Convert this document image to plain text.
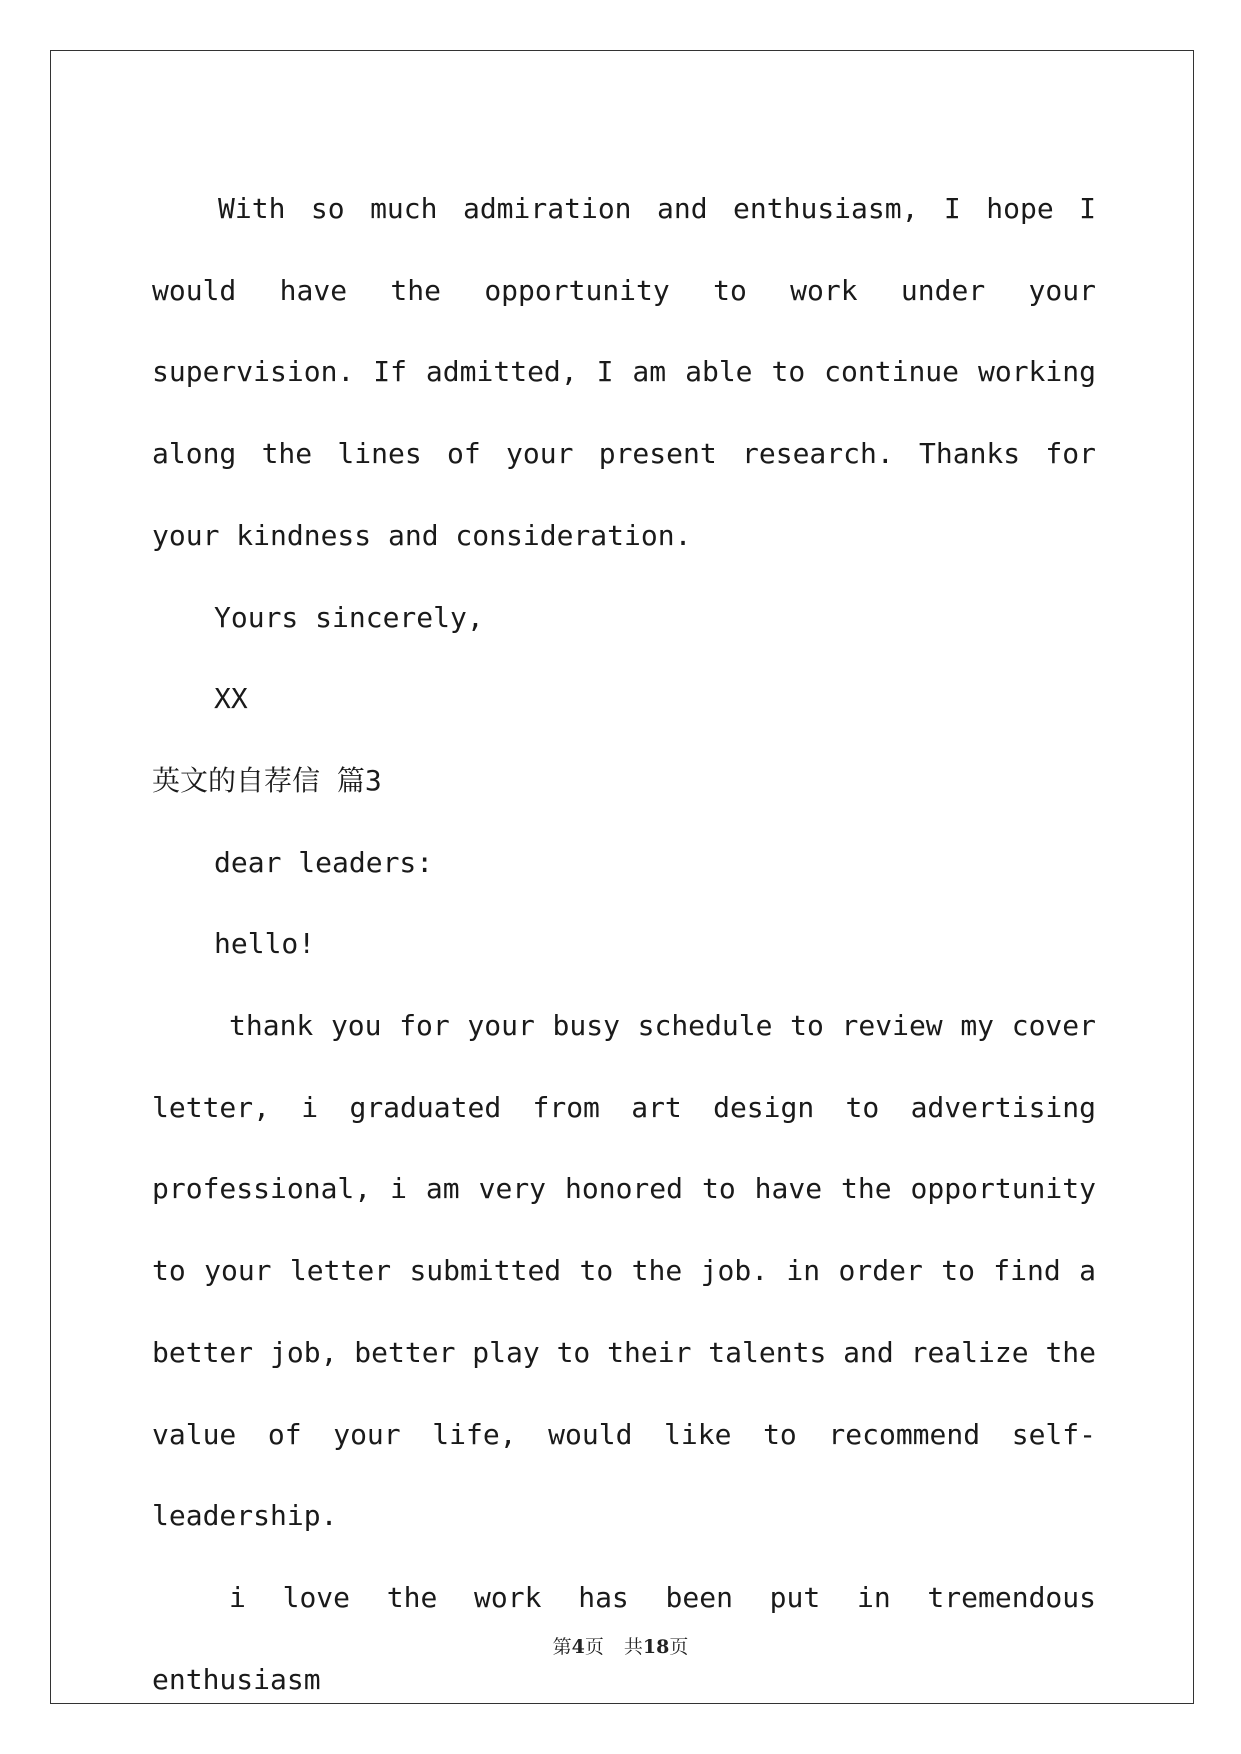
With so much admiration and enthusiasm, I hope I would have the opportunity to work under your supervision. If admitted, I am able to continue working along the lines of your present research. Thanks for your kindness and consideration.

Yours sincerely,

XX

英文的自荐信 篇3

dear leaders:

hello!

thank you for your busy schedule to review my cover letter, i graduated from art design to advertising professional, i am very honored to have the opportunity to your letter submitted to the job. in order to find a better job, better play to their talents and realize the value of your life, would like to recommend self-leadership.

i love the work has been put in tremendous enthusiasm

第4页 共18页
